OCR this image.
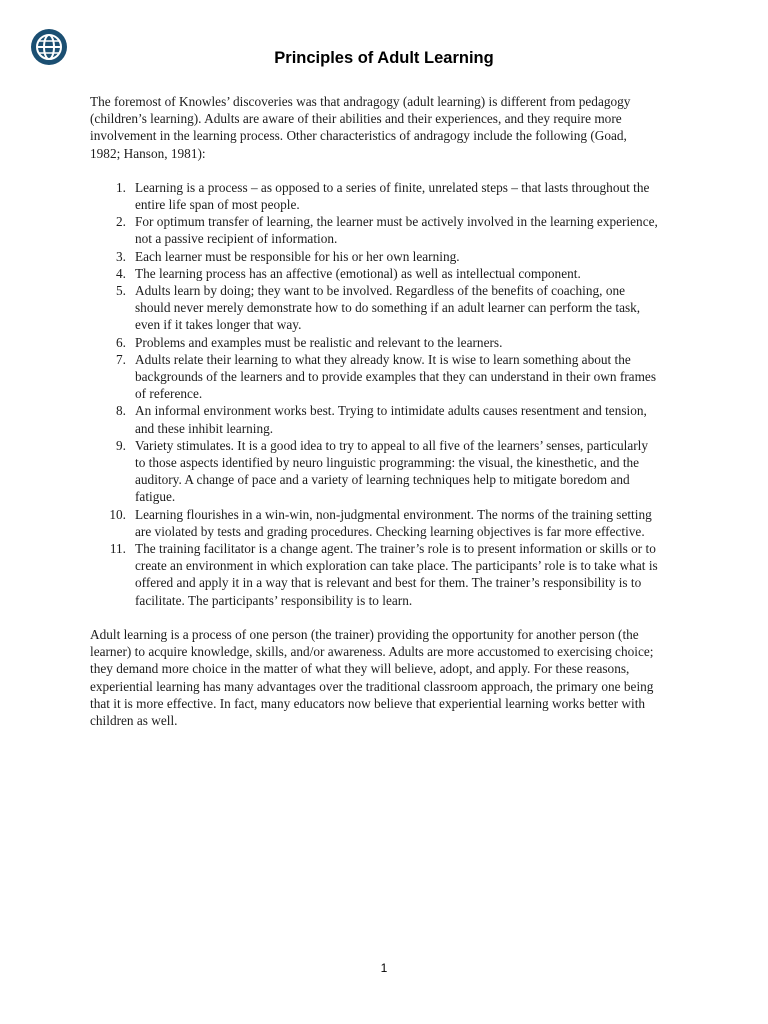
Principles of Adult Learning

The foremost of Knowles’ discoveries was that andragogy (adult learning) is different from pedagogy (children’s learning). Adults are aware of their abilities and their experiences, and they require more involvement in the learning process. Other characteristics of andragogy include the following (Goad, 1982; Hanson, 1981):

1. Learning is a process – as opposed to a series of finite, unrelated steps – that lasts throughout the entire life span of most people.
2. For optimum transfer of learning, the learner must be actively involved in the learning experience, not a passive recipient of information.
3. Each learner must be responsible for his or her own learning.
4. The learning process has an affective (emotional) as well as intellectual component.
5. Adults learn by doing; they want to be involved. Regardless of the benefits of coaching, one should never merely demonstrate how to do something if an adult learner can perform the task, even if it takes longer that way.
6. Problems and examples must be realistic and relevant to the learners.
7. Adults relate their learning to what they already know. It is wise to learn something about the backgrounds of the learners and to provide examples that they can understand in their own frames of reference.
8. An informal environment works best. Trying to intimidate adults causes resentment and tension, and these inhibit learning.
9. Variety stimulates. It is a good idea to try to appeal to all five of the learners’ senses, particularly to those aspects identified by neuro linguistic programming: the visual, the kinesthetic, and the auditory. A change of pace and a variety of learning techniques help to mitigate boredom and fatigue.
10. Learning flourishes in a win-win, non-judgmental environment. The norms of the training setting are violated by tests and grading procedures. Checking learning objectives is far more effective.
11. The training facilitator is a change agent. The trainer’s role is to present information or skills or to create an environment in which exploration can take place. The participants’ role is to take what is offered and apply it in a way that is relevant and best for them. The trainer’s responsibility is to facilitate. The participants’ responsibility is to learn.

Adult learning is a process of one person (the trainer) providing the opportunity for another person (the learner) to acquire knowledge, skills, and/or awareness. Adults are more accustomed to exercising choice; they demand more choice in the matter of what they will believe, adopt, and apply. For these reasons, experiential learning has many advantages over the traditional classroom approach, the primary one being that it is more effective. In fact, many educators now believe that experiential learning works better with children as well.

1
